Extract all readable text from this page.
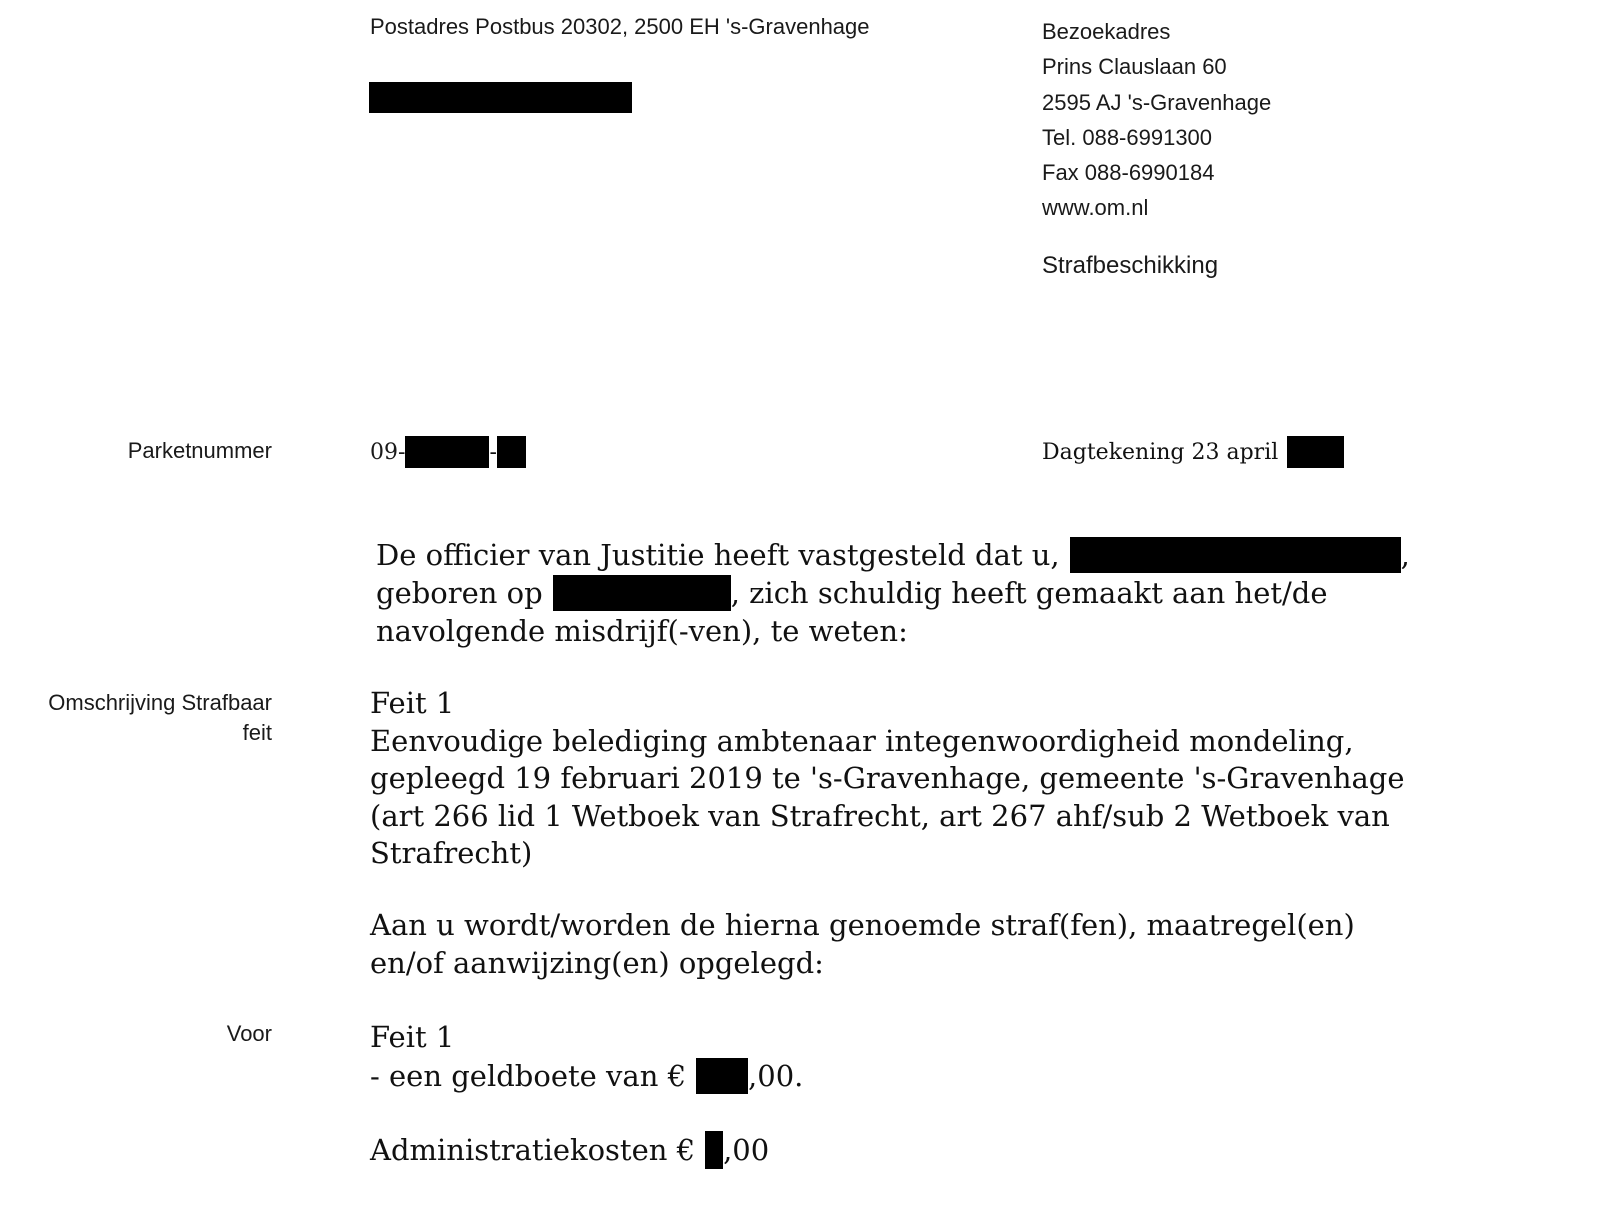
Postadres Postbus 20302, 2500 EH 's-Gravenhage	Bezoekadres
Prins Clauslaan 60
2595 AJ 's-Gravenhage
Tel. 088-6991300
Fax 088-6990184
www.om.nl
Strafbeschikking
Parketnummer	09-	-	Dagtekening 23 april
De officier van Justitie heeft vastgesteld dat u,	,
geboren op	, zich schuldig heeft gemaakt aan het/de
navolgende misdrijf(-ven), te weten:
Omschrijving Strafbaar
feit
Feit 1
Eenvoudige belediging ambtenaar integenwoordigheid mondeling,
gepleegd 19 februari 2019 te 's-Gravenhage, gemeente 's-Gravenhage
(art 266 lid 1 Wetboek van Strafrecht, art 267 ahf/sub 2 Wetboek van
Strafrecht)
Aan u wordt/worden de hierna genoemde straf(fen), maatregel(en)
en/of aanwijzing(en) opgelegd:
Voor	Feit 1
- een geldboete van € ,00.
Administratiekosten € ,00
